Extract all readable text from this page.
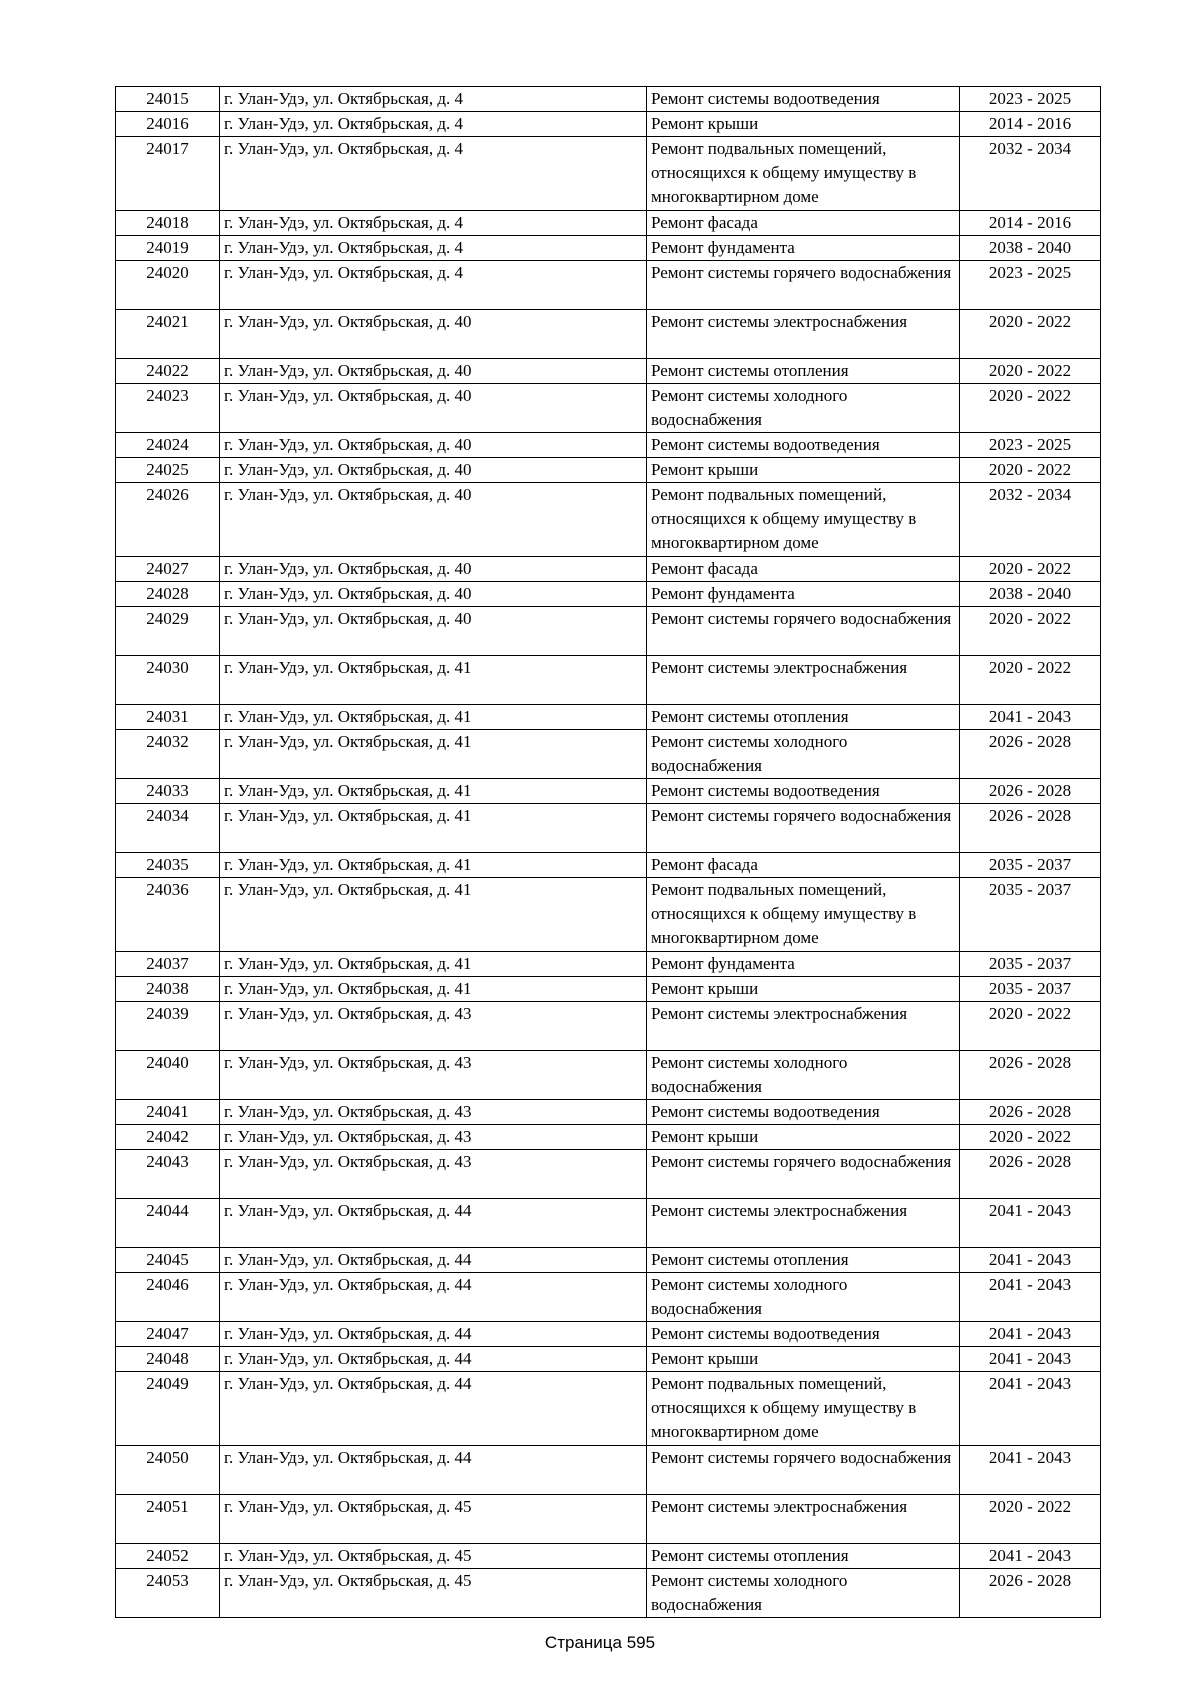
24015	г. Улан-Удэ, ул. Октябрьская, д. 4	Ремонт системы водоотведения	2023 - 2025
24016	г. Улан-Удэ, ул. Октябрьская, д. 4	Ремонт крыши	2014 - 2016
24017	г. Улан-Удэ, ул. Октябрьская, д. 4	Ремонт подвальных помещений, относящихся к общему имуществу в многоквартирном доме	2032 - 2034
24018	г. Улан-Удэ, ул. Октябрьская, д. 4	Ремонт фасада	2014 - 2016
24019	г. Улан-Удэ, ул. Октябрьская, д. 4	Ремонт фундамента	2038 - 2040
24020	г. Улан-Удэ, ул. Октябрьская, д. 4	Ремонт системы горячего водоснабжения	2023 - 2025
24021	г. Улан-Удэ, ул. Октябрьская, д. 40	Ремонт системы электроснабжения	2020 - 2022
24022	г. Улан-Удэ, ул. Октябрьская, д. 40	Ремонт системы отопления	2020 - 2022
24023	г. Улан-Удэ, ул. Октябрьская, д. 40	Ремонт системы холодного водоснабжения	2020 - 2022
24024	г. Улан-Удэ, ул. Октябрьская, д. 40	Ремонт системы водоотведения	2023 - 2025
24025	г. Улан-Удэ, ул. Октябрьская, д. 40	Ремонт крыши	2020 - 2022
24026	г. Улан-Удэ, ул. Октябрьская, д. 40	Ремонт подвальных помещений, относящихся к общему имуществу в многоквартирном доме	2032 - 2034
24027	г. Улан-Удэ, ул. Октябрьская, д. 40	Ремонт фасада	2020 - 2022
24028	г. Улан-Удэ, ул. Октябрьская, д. 40	Ремонт фундамента	2038 - 2040
24029	г. Улан-Удэ, ул. Октябрьская, д. 40	Ремонт системы горячего водоснабжения	2020 - 2022
24030	г. Улан-Удэ, ул. Октябрьская, д. 41	Ремонт системы электроснабжения	2020 - 2022
24031	г. Улан-Удэ, ул. Октябрьская, д. 41	Ремонт системы отопления	2041 - 2043
24032	г. Улан-Удэ, ул. Октябрьская, д. 41	Ремонт системы холодного водоснабжения	2026 - 2028
24033	г. Улан-Удэ, ул. Октябрьская, д. 41	Ремонт системы водоотведения	2026 - 2028
24034	г. Улан-Удэ, ул. Октябрьская, д. 41	Ремонт системы горячего водоснабжения	2026 - 2028
24035	г. Улан-Удэ, ул. Октябрьская, д. 41	Ремонт фасада	2035 - 2037
24036	г. Улан-Удэ, ул. Октябрьская, д. 41	Ремонт подвальных помещений, относящихся к общему имуществу в многоквартирном доме	2035 - 2037
24037	г. Улан-Удэ, ул. Октябрьская, д. 41	Ремонт фундамента	2035 - 2037
24038	г. Улан-Удэ, ул. Октябрьская, д. 41	Ремонт крыши	2035 - 2037
24039	г. Улан-Удэ, ул. Октябрьская, д. 43	Ремонт системы электроснабжения	2020 - 2022
24040	г. Улан-Удэ, ул. Октябрьская, д. 43	Ремонт системы холодного водоснабжения	2026 - 2028
24041	г. Улан-Удэ, ул. Октябрьская, д. 43	Ремонт системы водоотведения	2026 - 2028
24042	г. Улан-Удэ, ул. Октябрьская, д. 43	Ремонт крыши	2020 - 2022
24043	г. Улан-Удэ, ул. Октябрьская, д. 43	Ремонт системы горячего водоснабжения	2026 - 2028
24044	г. Улан-Удэ, ул. Октябрьская, д. 44	Ремонт системы электроснабжения	2041 - 2043
24045	г. Улан-Удэ, ул. Октябрьская, д. 44	Ремонт системы отопления	2041 - 2043
24046	г. Улан-Удэ, ул. Октябрьская, д. 44	Ремонт системы холодного водоснабжения	2041 - 2043
24047	г. Улан-Удэ, ул. Октябрьская, д. 44	Ремонт системы водоотведения	2041 - 2043
24048	г. Улан-Удэ, ул. Октябрьская, д. 44	Ремонт крыши	2041 - 2043
24049	г. Улан-Удэ, ул. Октябрьская, д. 44	Ремонт подвальных помещений, относящихся к общему имуществу в многоквартирном доме	2041 - 2043
24050	г. Улан-Удэ, ул. Октябрьская, д. 44	Ремонт системы горячего водоснабжения	2041 - 2043
24051	г. Улан-Удэ, ул. Октябрьская, д. 45	Ремонт системы электроснабжения	2020 - 2022
24052	г. Улан-Удэ, ул. Октябрьская, д. 45	Ремонт системы отопления	2041 - 2043
24053	г. Улан-Удэ, ул. Октябрьская, д. 45	Ремонт системы холодного водоснабжения	2026 - 2028
Страница 595
